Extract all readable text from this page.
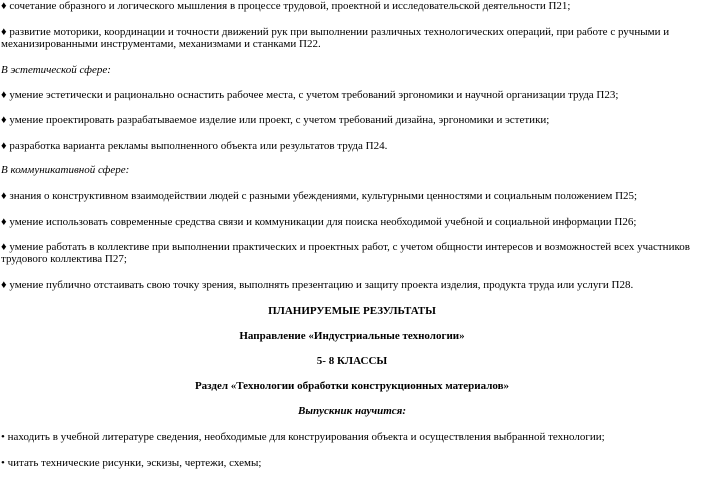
♦ сочетание образного и логического мышления в процессе трудовой, проектной и исследовательской деятельности П21;
♦ развитие моторики, координации и точности движений рук при выполнении различных технологических операций, при работе с ручными и
механизированными инструментами, механизмами и станками П22.
В эстетической сфере:
♦ умение эстетически и рационально оснастить рабочее места, с учетом требований эргономики и научной организации труда П23;
♦ умение проектировать разрабатываемое изделие или проект, с учетом требований дизайна, эргономики и эстетики;
♦ разработка варианта рекламы выполненного объекта или результатов труда П24.
В коммуникативной сфере:
♦ знания о конструктивном взаимодействии людей с разными убеждениями, культурными ценностями и социальным положением П25;
♦ умение использовать современные средства связи и коммуникации для поиска необходимой учебной и социальной информации П26;
♦ умение работать в коллективе при выполнении практических и проектных работ, с учетом общности интересов и возможностей всех участников
трудового коллектива П27;
♦ умение публично отстаивать свою точку зрения, выполнять презентацию и защиту проекта изделия, продукта труда или услуги П28.
ПЛАНИРУЕМЫЕ РЕЗУЛЬТАТЫ
Направление «Индустриальные технологии»
5- 8 КЛАССЫ
Раздел «Технологии обработки конструкционных материалов»
Выпускник научится:
• находить в учебной литературе сведения, необходимые для конструирования объекта и осуществления выбранной технологии;
• читать технические рисунки, эскизы, чертежи, схемы;
